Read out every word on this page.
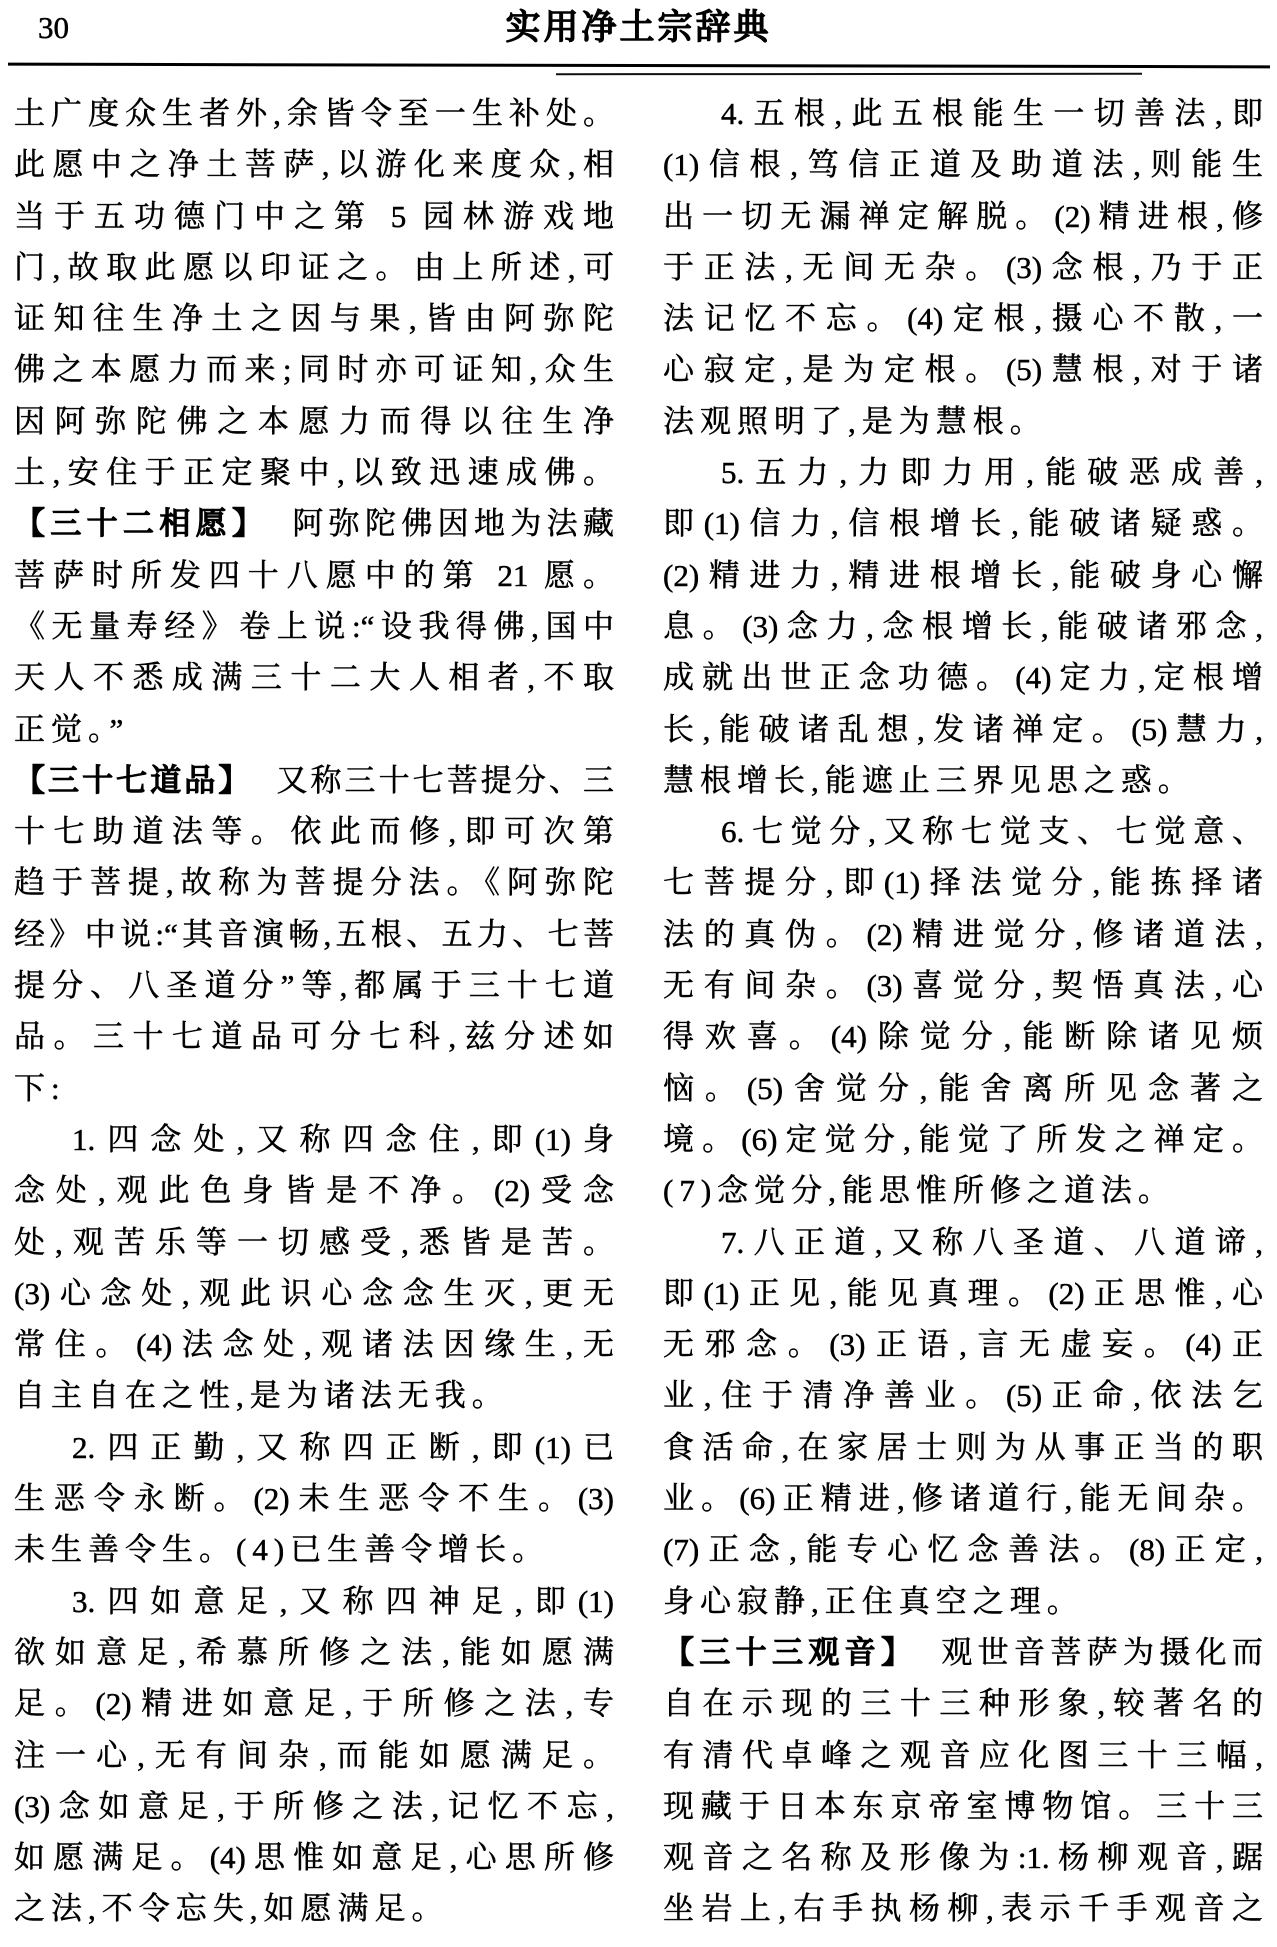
30	实用净土宗辞典
土广度众生者外,余皆令至一生补处。
此愿中之净土菩萨,以游化来度众,相
当于五功德门中之第 5 园林游戏地
门,故取此愿以印证之。由上所述,可
证知往生净土之因与果,皆由阿弥陀
佛之本愿力而来;同时亦可证知,众生
因阿弥陀佛之本愿力而得以往生净
土,安住于正定聚中,以致迅速成佛。
【三十二相愿】 阿弥陀佛因地为法藏
菩萨时所发四十八愿中的第 21 愿。
《无量寿经》卷上说:“设我得佛,国中
天人不悉成满三十二大人相者,不取
正觉。”
【三十七道品】 又称三十七菩提分、三
十七助道法等。依此而修,即可次第
趋于菩提,故称为菩提分法。《阿弥陀
经》中说:“其音演畅,五根、五力、七菩
提分、八圣道分”等,都属于三十七道
品。三十七道品可分七科,兹分述如
下:
1.四念处,又称四念住,即(1)身
念处,观此色身皆是不净。(2)受念
处,观苦乐等一切感受,悉皆是苦。
(3)心念处,观此识心念念生灭,更无
常住。(4)法念处,观诸法因缘生,无
自主自在之性,是为诸法无我。
2.四正勤,又称四正断,即(1)已
生恶令永断。(2)未生恶令不生。(3)
未生善令生。(4)已生善令增长。
3.四如意足,又称四神足,即(1)
欲如意足,希慕所修之法,能如愿满
足。(2)精进如意足,于所修之法,专
注一心,无有间杂,而能如愿满足。
(3)念如意足,于所修之法,记忆不忘,
如愿满足。(4)思惟如意足,心思所修
之法,不令忘失,如愿满足。
4.五根,此五根能生一切善法,即
(1)信根,笃信正道及助道法,则能生
出一切无漏禅定解脱。(2)精进根,修
于正法,无间无杂。(3)念根,乃于正
法记忆不忘。(4)定根,摄心不散,一
心寂定,是为定根。(5)慧根,对于诸
法观照明了,是为慧根。
5.五力,力即力用,能破恶成善,
即(1)信力,信根增长,能破诸疑惑。
(2)精进力,精进根增长,能破身心懈
息。(3)念力,念根增长,能破诸邪念,
成就出世正念功德。(4)定力,定根增
长,能破诸乱想,发诸禅定。(5)慧力,
慧根增长,能遮止三界见思之惑。
6.七觉分,又称七觉支、七觉意、
七菩提分,即(1)择法觉分,能拣择诸
法的真伪。(2)精进觉分,修诸道法,
无有间杂。(3)喜觉分,契悟真法,心
得欢喜。(4)除觉分,能断除诸见烦
恼。(5)舍觉分,能舍离所见念著之
境。(6)定觉分,能觉了所发之禅定。
(7)念觉分,能思惟所修之道法。
7.八正道,又称八圣道、八道谛,
即(1)正见,能见真理。(2)正思惟,心
无邪念。(3)正语,言无虚妄。(4)正
业,住于清净善业。(5)正命,依法乞
食活命,在家居士则为从事正当的职
业。(6)正精进,修诸道行,能无间杂。
(7)正念,能专心忆念善法。(8)正定,
身心寂静,正住真空之理。
【三十三观音】 观世音菩萨为摄化而
自在示现的三十三种形象,较著名的
有清代卓峰之观音应化图三十三幅,
现藏于日本东京帝室博物馆。三十三
观音之名称及形像为:1.杨柳观音,踞
坐岩上,右手执杨柳,表示千手观音之
